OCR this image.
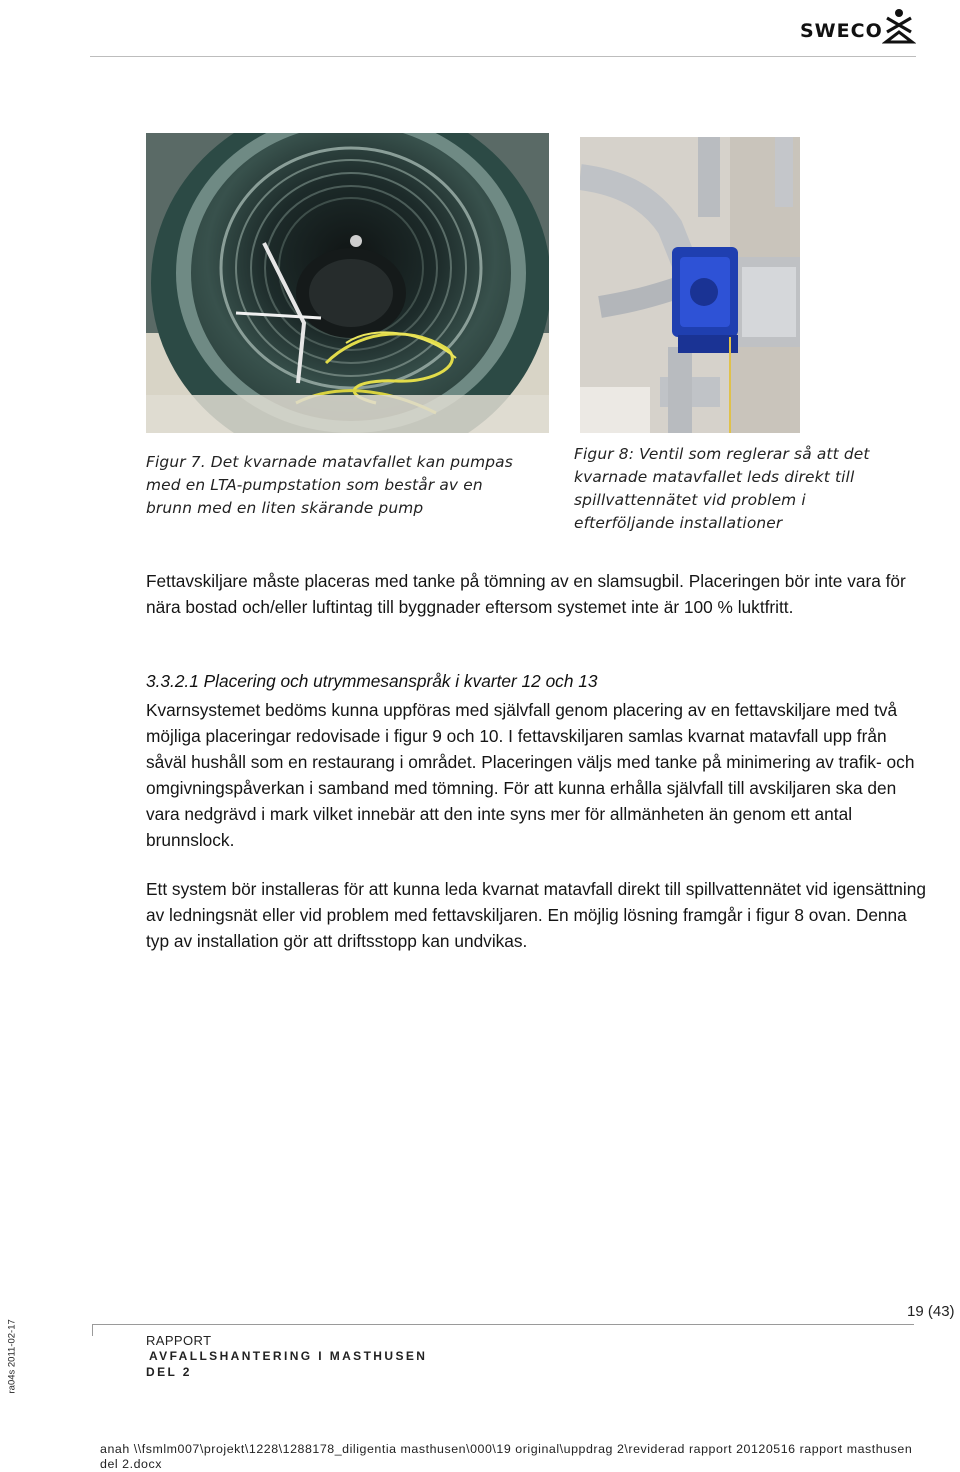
SWECO
Figur 7. Det kvarnade matavfallet kan pumpas med en LTA-pumpstation som består av en brunn med en liten skärande pump
Figur 8: Ventil som reglerar så att det kvarnade matavfallet leds direkt till spillvattennätet vid problem i efterföljande installationer
Fettavskiljare måste placeras med tanke på tömning av en slamsugbil. Placeringen bör inte vara för nära bostad och/eller luftintag till byggnader eftersom systemet inte är 100 % luktfritt.
3.3.2.1 Placering och utrymmesanspråk i kvarter 12 och 13
Kvarnsystemet bedöms kunna uppföras med självfall genom placering av en fettavskiljare med två möjliga placeringar redovisade i figur 9 och 10. I fettavskiljaren samlas kvarnat matavfall upp från såväl hushåll som en restaurang i området. Placeringen väljs med tanke på minimering av trafik- och omgivningspåverkan i samband med tömning. För att kunna erhålla självfall till avskiljaren ska den vara nedgrävd i mark vilket innebär att den inte syns mer för allmänheten än genom ett antal brunnslock.
Ett system bör installeras för att kunna leda kvarnat matavfall direkt till spillvattennätet vid igensättning av ledningsnät eller vid problem med fettavskiljaren. En möjlig lösning framgår i figur 8 ovan. Denna typ av installation gör att driftsstopp kan undvikas.
19 (43)
ra04s 2011-02-17	RAPPORT
AVFALLSHANTERING I MASTHUSEN
DEL 2
anah \\fsmlm007\projekt\1228\1288178_diligentia masthusen\000\19 original\uppdrag 2\reviderad rapport 20120516 rapport masthusen del 2.docx
